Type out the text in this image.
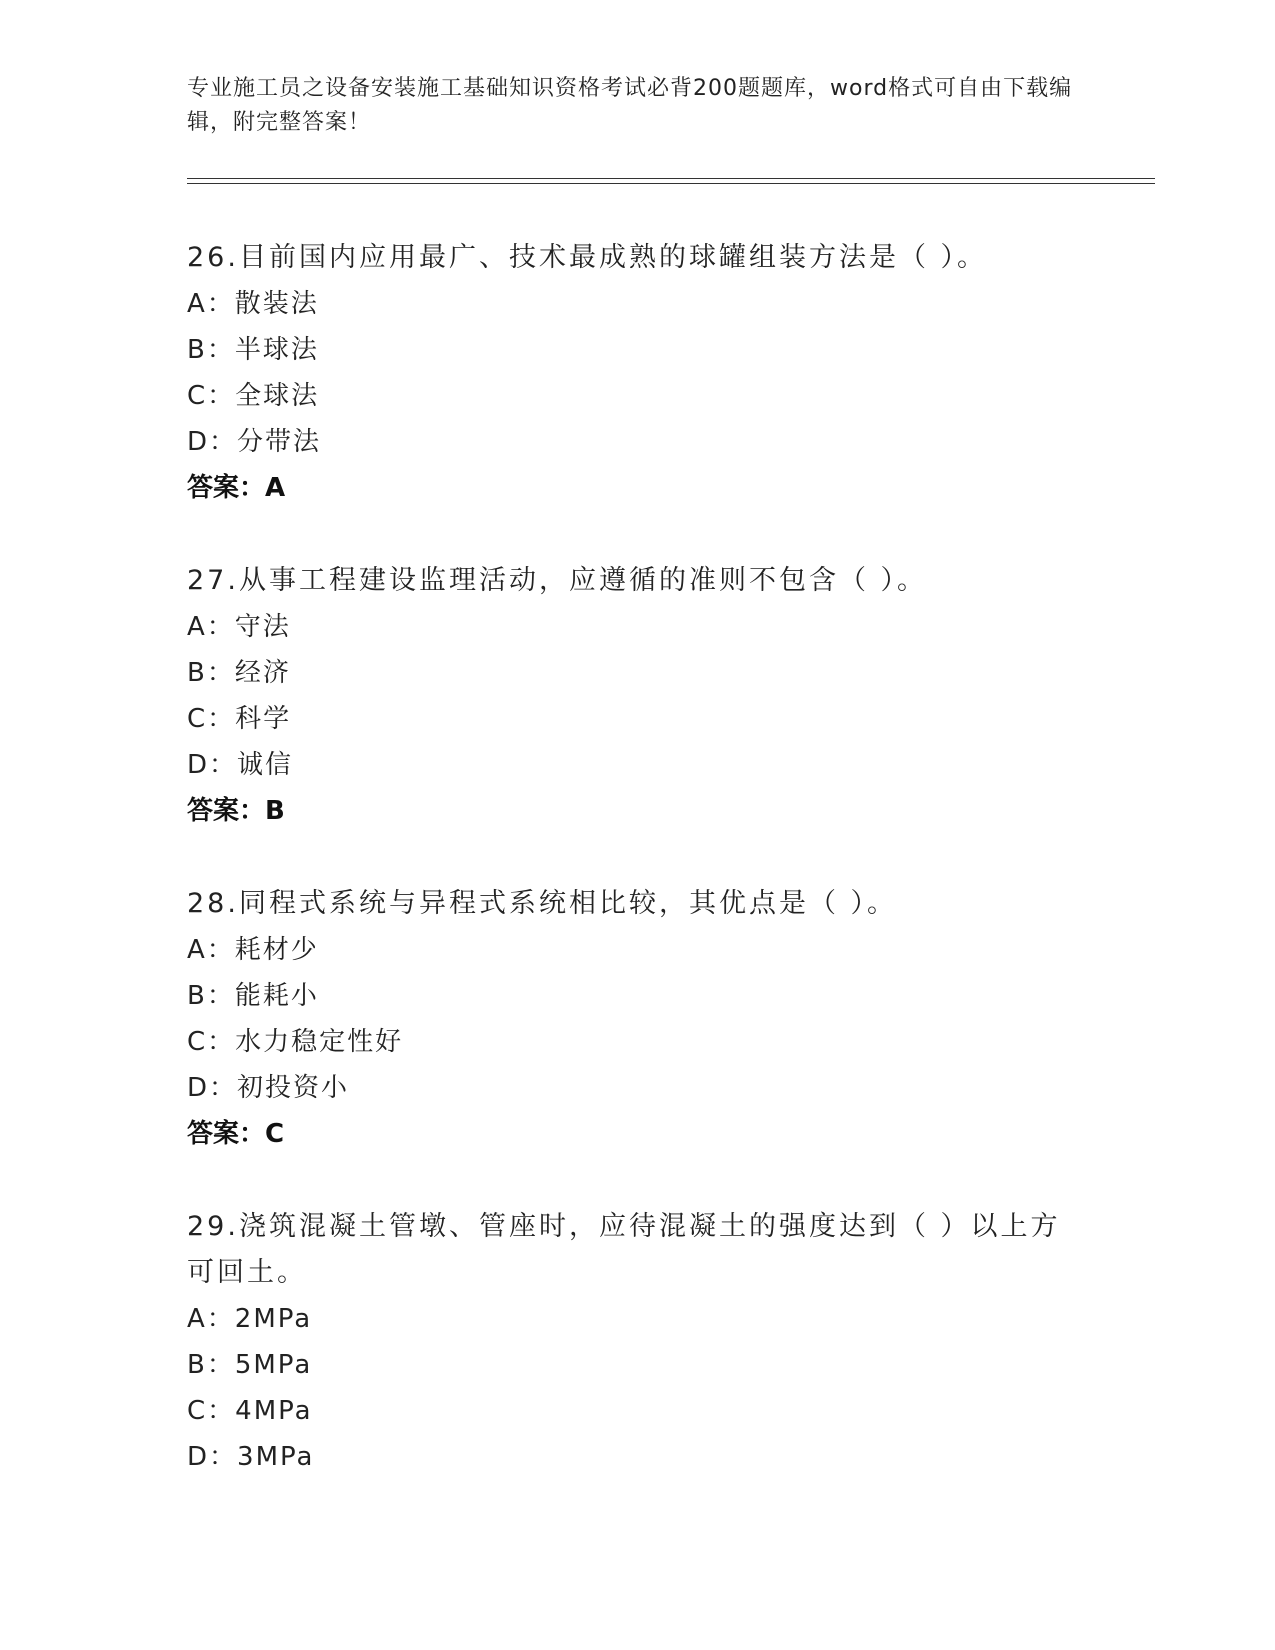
专业施工员之设备安装施工基础知识资格考试必背200题题库，word格式可自由下载编辑，附完整答案！
26.目前国内应用最广、技术最成熟的球罐组装方法是（ ）。
A：散装法
B：半球法
C：全球法
D：分带法
答案：A
27.从事工程建设监理活动，应遵循的准则不包含（ ）。
A：守法
B：经济
C：科学
D：诚信
答案：B
28.同程式系统与异程式系统相比较，其优点是（ ）。
A：耗材少
B：能耗小
C：水力稳定性好
D：初投资小
答案：C
29.浇筑混凝土管墩、管座时，应待混凝土的强度达到（ ）以上方可回土。
A：2MPa
B：5MPa
C：4MPa
D：3MPa
